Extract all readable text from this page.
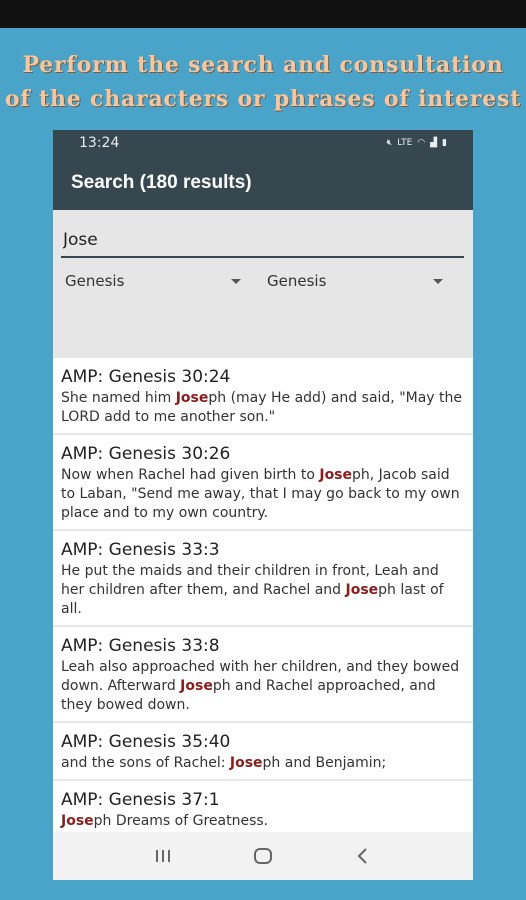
Perform the search and consultation
of the characters or phrases of interest
13:24	🔇︎ LTE ◠ ▟ ▮
Search (180 results)
Jose
Genesis	Genesis
AMP: Genesis 30:24
She named him Joseph (may He add) and said, "May the LORD add to me another son."
AMP: Genesis 30:26
Now when Rachel had given birth to Joseph, Jacob said to Laban, "Send me away, that I may go back to my own place and to my own country.
AMP: Genesis 33:3
He put the maids and their children in front, Leah and her children after them, and Rachel and Joseph last of all.
AMP: Genesis 33:8
Leah also approached with her children, and they bowed down. Afterward Joseph and Rachel approached, and they bowed down.
AMP: Genesis 35:40
and the sons of Rachel: Joseph and Benjamin;
AMP: Genesis 37:1
Joseph Dreams of Greatness.
